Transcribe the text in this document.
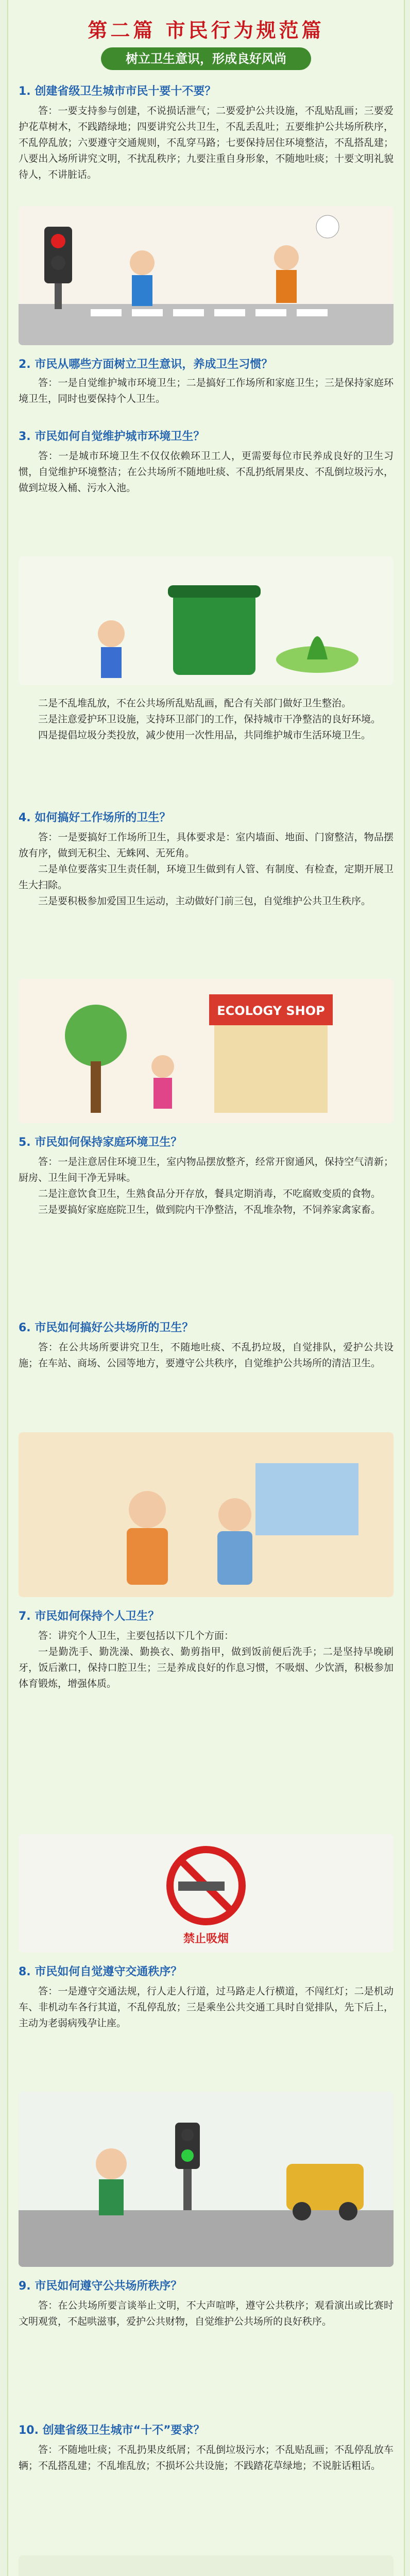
第二篇 市民行为规范篇
树立卫生意识，形成良好风尚
1. 创建省级卫生城市市民十要十不要？

答：一要支持参与创建，不说损话泄气；二要爱护公共设施，不乱贴乱画；三要爱护花草树木，不践踏绿地；四要讲究公共卫生，不乱丢乱吐；五要维护公共场所秩序，不乱停乱放；六要遵守交通规则，不乱穿马路；七要保持居住环境整洁，不乱搭乱建；八要出入场所讲究文明，不扰乱秩序；九要注重自身形象，不随地吐痰；十要文明礼貌待人，不讲脏话。

2. 市民从哪些方面树立卫生意识，养成卫生习惯？

答：一是自觉维护城市环境卫生；二是搞好工作场所和家庭卫生；三是保持家庭环境卫生，同时也要保持个人卫生。

3. 市民如何自觉维护城市环境卫生？

答：一是城市环境卫生不仅仅依赖环卫工人，更需要每位市民养成良好的卫生习惯，自觉维护环境整洁；在公共场所不随地吐痰、不乱扔纸屑果皮、不乱倒垃圾污水，做到垃圾入桶、污水入池。

二是不乱堆乱放，不在公共场所乱贴乱画，配合有关部门做好卫生整治。

三是注意爱护环卫设施，支持环卫部门的工作，保持城市干净整洁的良好环境。

四是提倡垃圾分类投放，减少使用一次性用品，共同维护城市生活环境卫生。

4. 如何搞好工作场所的卫生？

答：一是要搞好工作场所卫生，具体要求是：室内墙面、地面、门窗整洁，物品摆放有序，做到无积尘、无蛛网、无死角。

二是单位要落实卫生责任制，环境卫生做到有人管、有制度、有检查，定期开展卫生大扫除。

三是要积极参加爱国卫生运动，主动做好门前三包，自觉维护公共卫生秩序。

ECOLOGY SHOP
5. 市民如何保持家庭环境卫生？

答：一是注意居住环境卫生，室内物品摆放整齐，经常开窗通风，保持空气清新；厨房、卫生间干净无异味。

二是注意饮食卫生，生熟食品分开存放，餐具定期消毒，不吃腐败变质的食物。

三是要搞好家庭庭院卫生，做到院内干净整洁，不乱堆杂物，不饲养家禽家畜。

6. 市民如何搞好公共场所的卫生？

答：在公共场所要讲究卫生，不随地吐痰、不乱扔垃圾，自觉排队，爱护公共设施；在车站、商场、公园等地方，要遵守公共秩序，自觉维护公共场所的清洁卫生。

7. 市民如何保持个人卫生？

答：讲究个人卫生，主要包括以下几个方面：

一是勤洗手、勤洗澡、勤换衣、勤剪指甲，做到饭前便后洗手；二是坚持早晚刷牙，饭后漱口，保持口腔卫生；三是养成良好的作息习惯，不吸烟、少饮酒，积极参加体育锻炼，增强体质。

禁止吸烟
8. 市民如何自觉遵守交通秩序？

答：一是遵守交通法规，行人走人行道，过马路走人行横道，不闯红灯；二是机动车、非机动车各行其道，不乱停乱放；三是乘坐公共交通工具时自觉排队，先下后上，主动为老弱病残孕让座。

9. 市民如何遵守公共场所秩序？

答：在公共场所要言谈举止文明，不大声喧哗，遵守公共秩序；观看演出或比赛时文明观赏，不起哄滋事，爱护公共财物，自觉维护公共场所的良好秩序。

10. 创建省级卫生城市“十不”要求？

答：不随地吐痰；不乱扔果皮纸屑；不乱倒垃圾污水；不乱贴乱画；不乱停乱放车辆；不乱搭乱建；不乱堆乱放；不损坏公共设施；不践踏花草绿地；不说脏话粗话。
